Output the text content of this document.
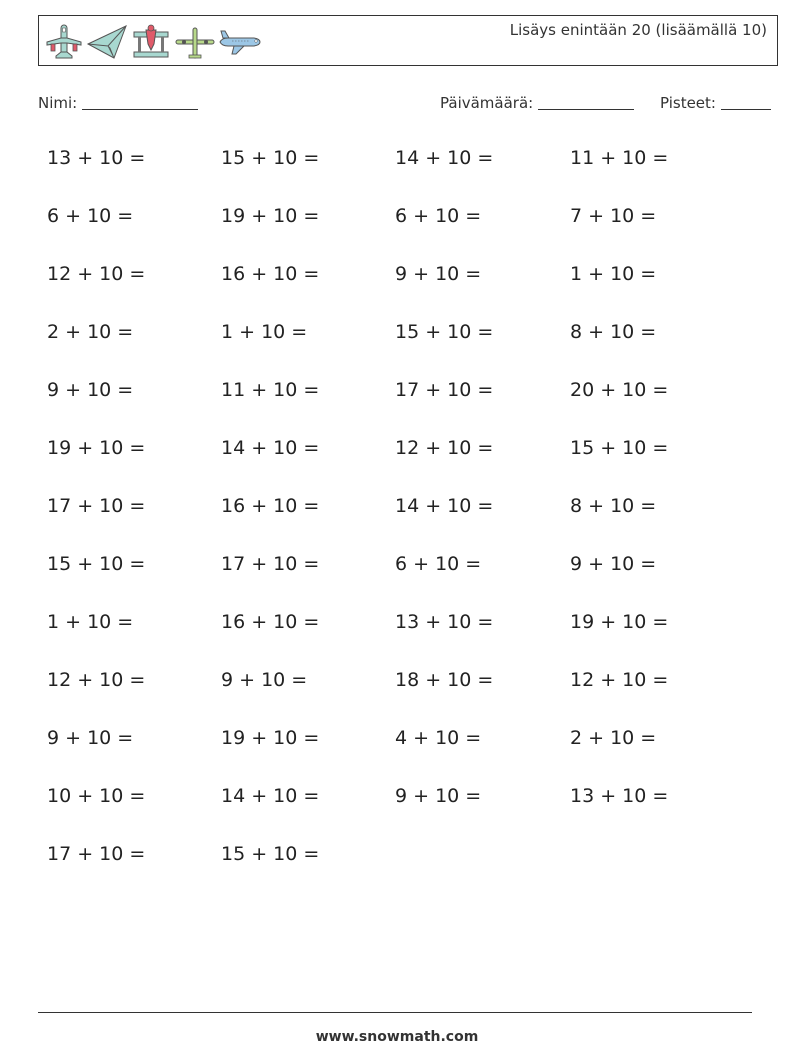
Lisäys enintään 20 (lisäämällä 10)
Nimi:	Päivämäärä:	Pisteet:
13 + 10 =	15 + 10 =	14 + 10 =	11 + 10 =
6 + 10 =	19 + 10 =	6 + 10 =	7 + 10 =
12 + 10 =	16 + 10 =	9 + 10 =	1 + 10 =
2 + 10 =	1 + 10 =	15 + 10 =	8 + 10 =
9 + 10 =	11 + 10 =	17 + 10 =	20 + 10 =
19 + 10 =	14 + 10 =	12 + 10 =	15 + 10 =
17 + 10 =	16 + 10 =	14 + 10 =	8 + 10 =
15 + 10 =	17 + 10 =	6 + 10 =	9 + 10 =
1 + 10 =	16 + 10 =	13 + 10 =	19 + 10 =
12 + 10 =	9 + 10 =	18 + 10 =	12 + 10 =
9 + 10 =	19 + 10 =	4 + 10 =	2 + 10 =
10 + 10 =	14 + 10 =	9 + 10 =	13 + 10 =
17 + 10 =	15 + 10 =
www.snowmath.com
